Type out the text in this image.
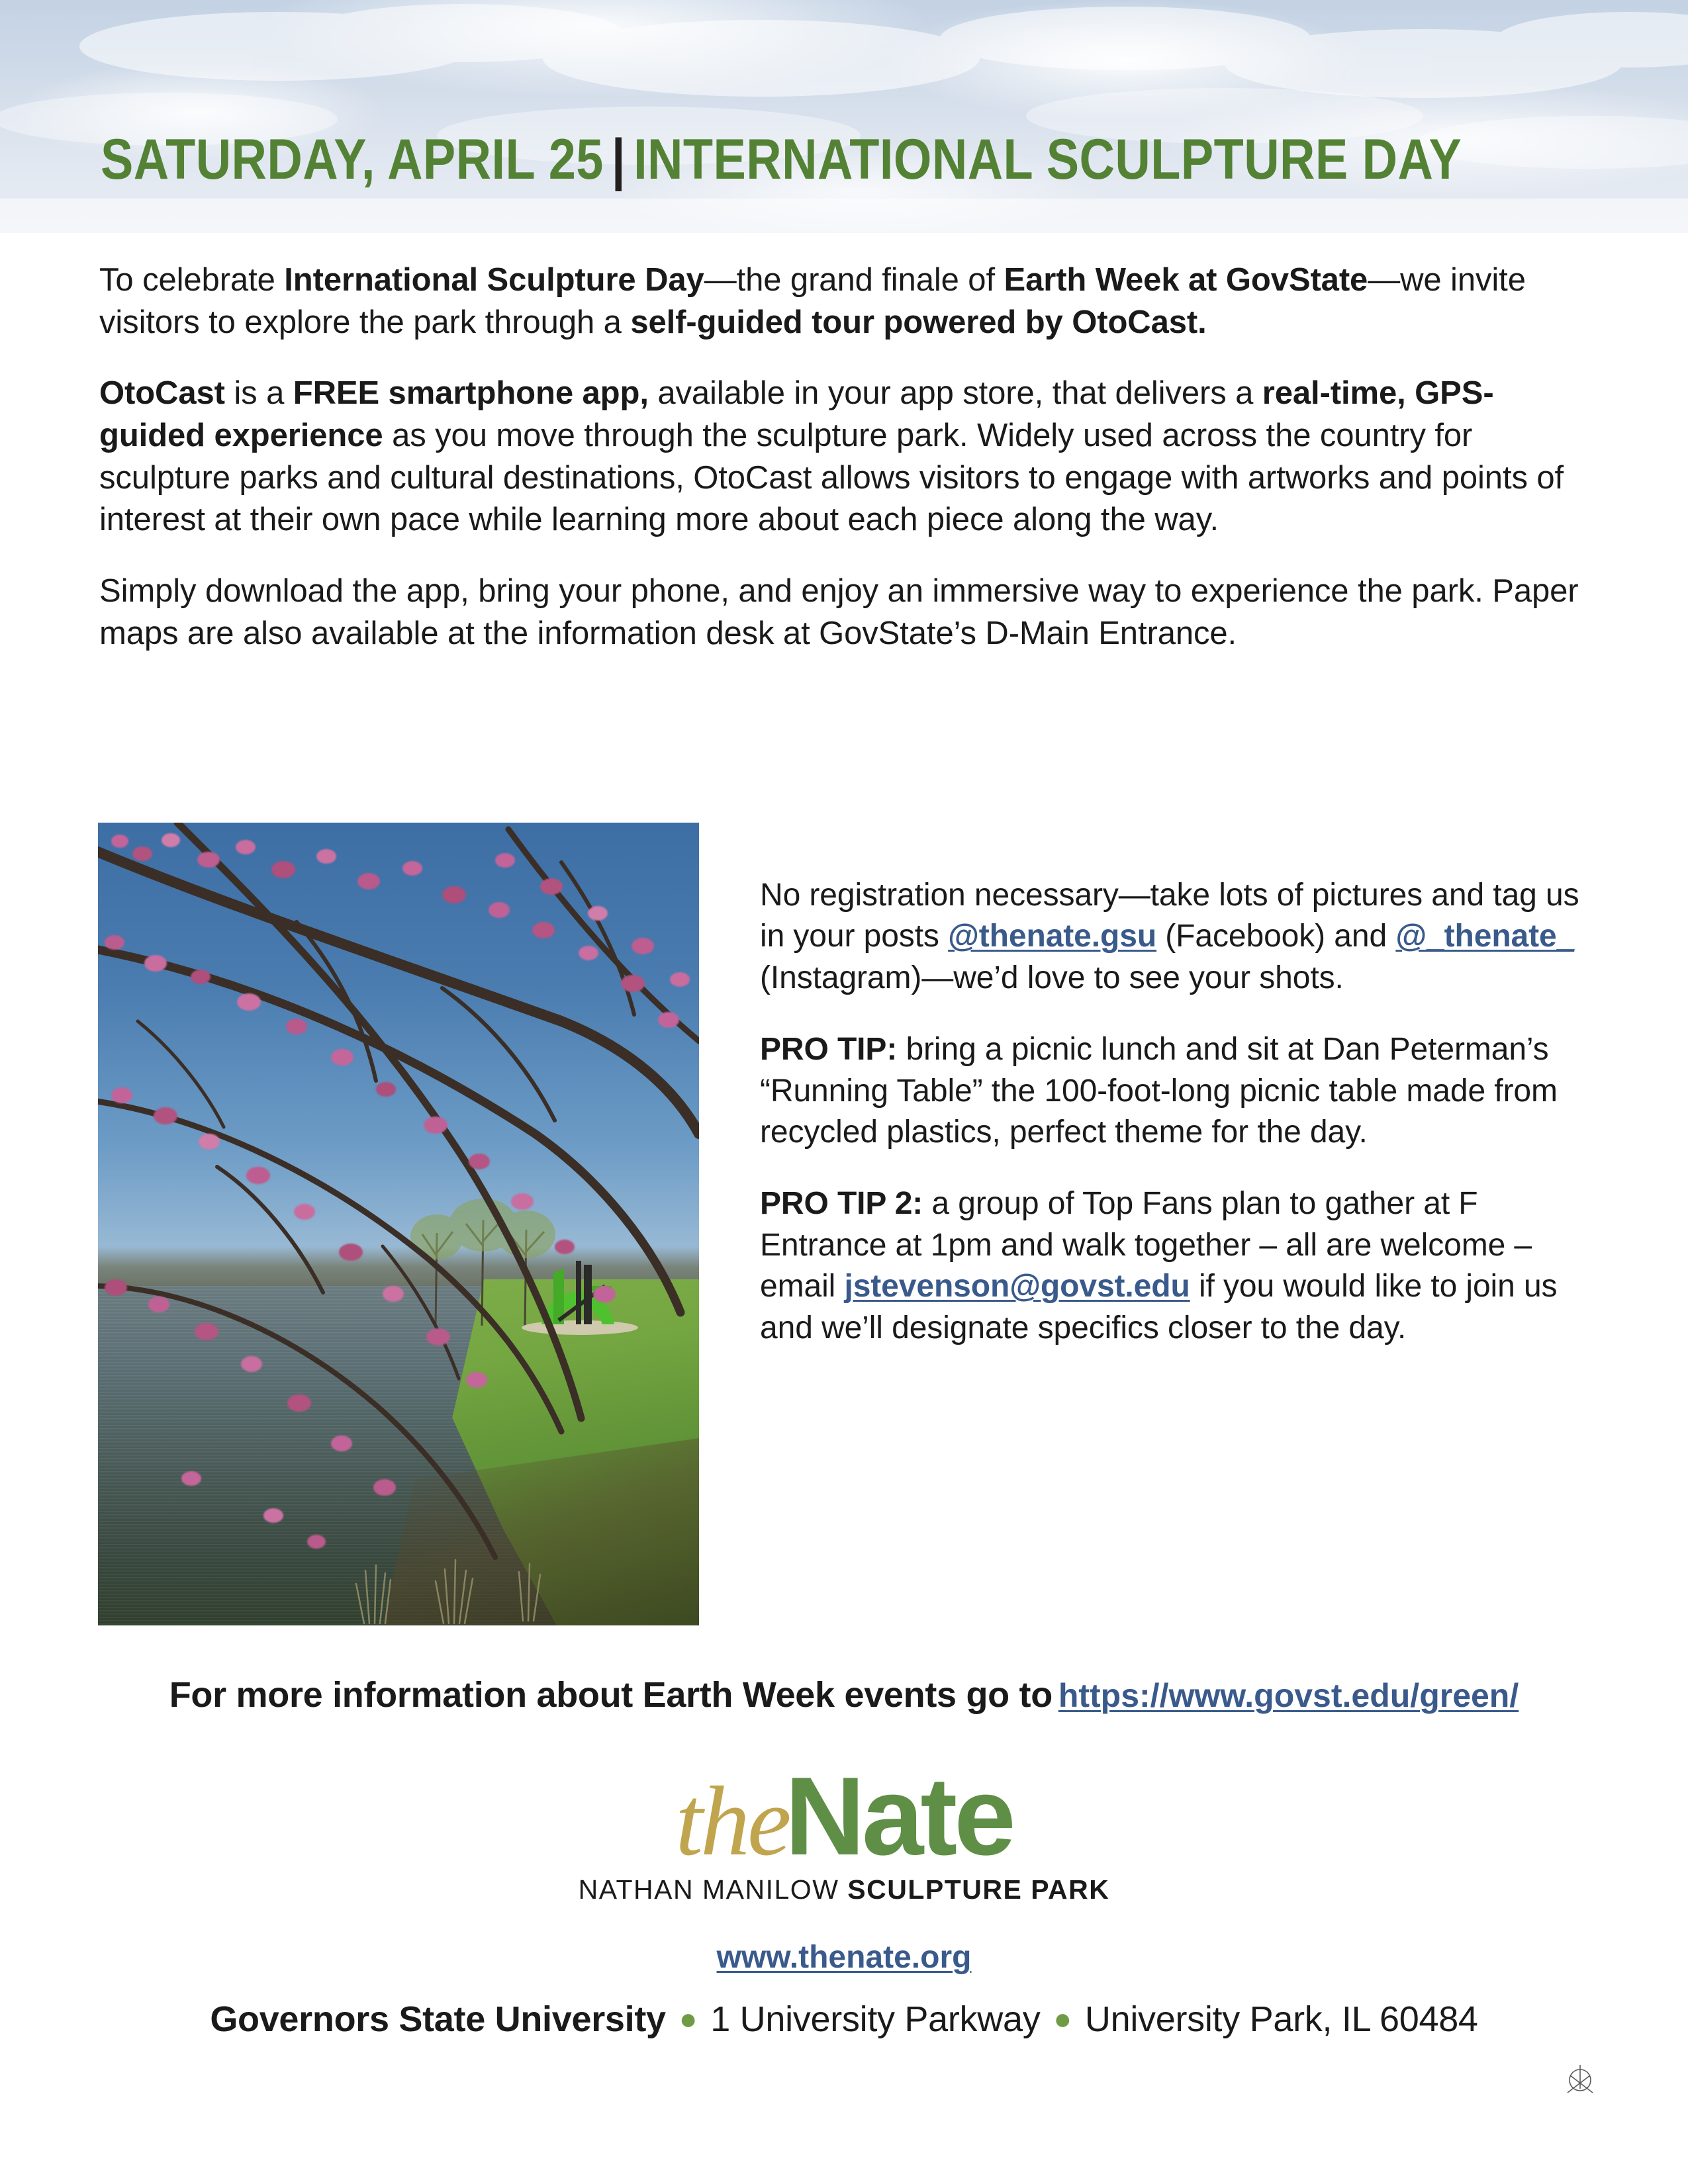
SATURDAY, APRIL 25 | INTERNATIONAL SCULPTURE DAY

To celebrate International Sculpture Day—the grand finale of Earth Week at GovState—we invite visitors to explore the park through a self-guided tour powered by OtoCast.

OtoCast is a FREE smartphone app, available in your app store, that delivers a real-time, GPS-guided experience as you move through the sculpture park. Widely used across the country for sculpture parks and cultural destinations, OtoCast allows visitors to engage with artworks and points of interest at their own pace while learning more about each piece along the way.

Simply download the app, bring your phone, and enjoy an immersive way to experience the park. Paper maps are also available at the information desk at GovState’s D-Main Entrance.

No registration necessary—take lots of pictures and tag us in your posts @thenate.gsu (Facebook) and @_thenate_ (Instagram)—we’d love to see your shots.

PRO TIP: bring a picnic lunch and sit at Dan Peterman’s “Running Table” the 100-foot-long picnic table made from recycled plastics, perfect theme for the day.

PRO TIP 2: a group of Top Fans plan to gather at F Entrance at 1pm and walk together – all are welcome – email jstevenson@govst.edu if you would like to join us and we’ll designate specifics closer to the day.

For more information about Earth Week events go to https://www.govst.edu/green/
theNate
NATHAN MANILOW SCULPTURE PARK
www.thenate.org
Governors State University ● 1 University Parkway ● University Park, IL 60484
